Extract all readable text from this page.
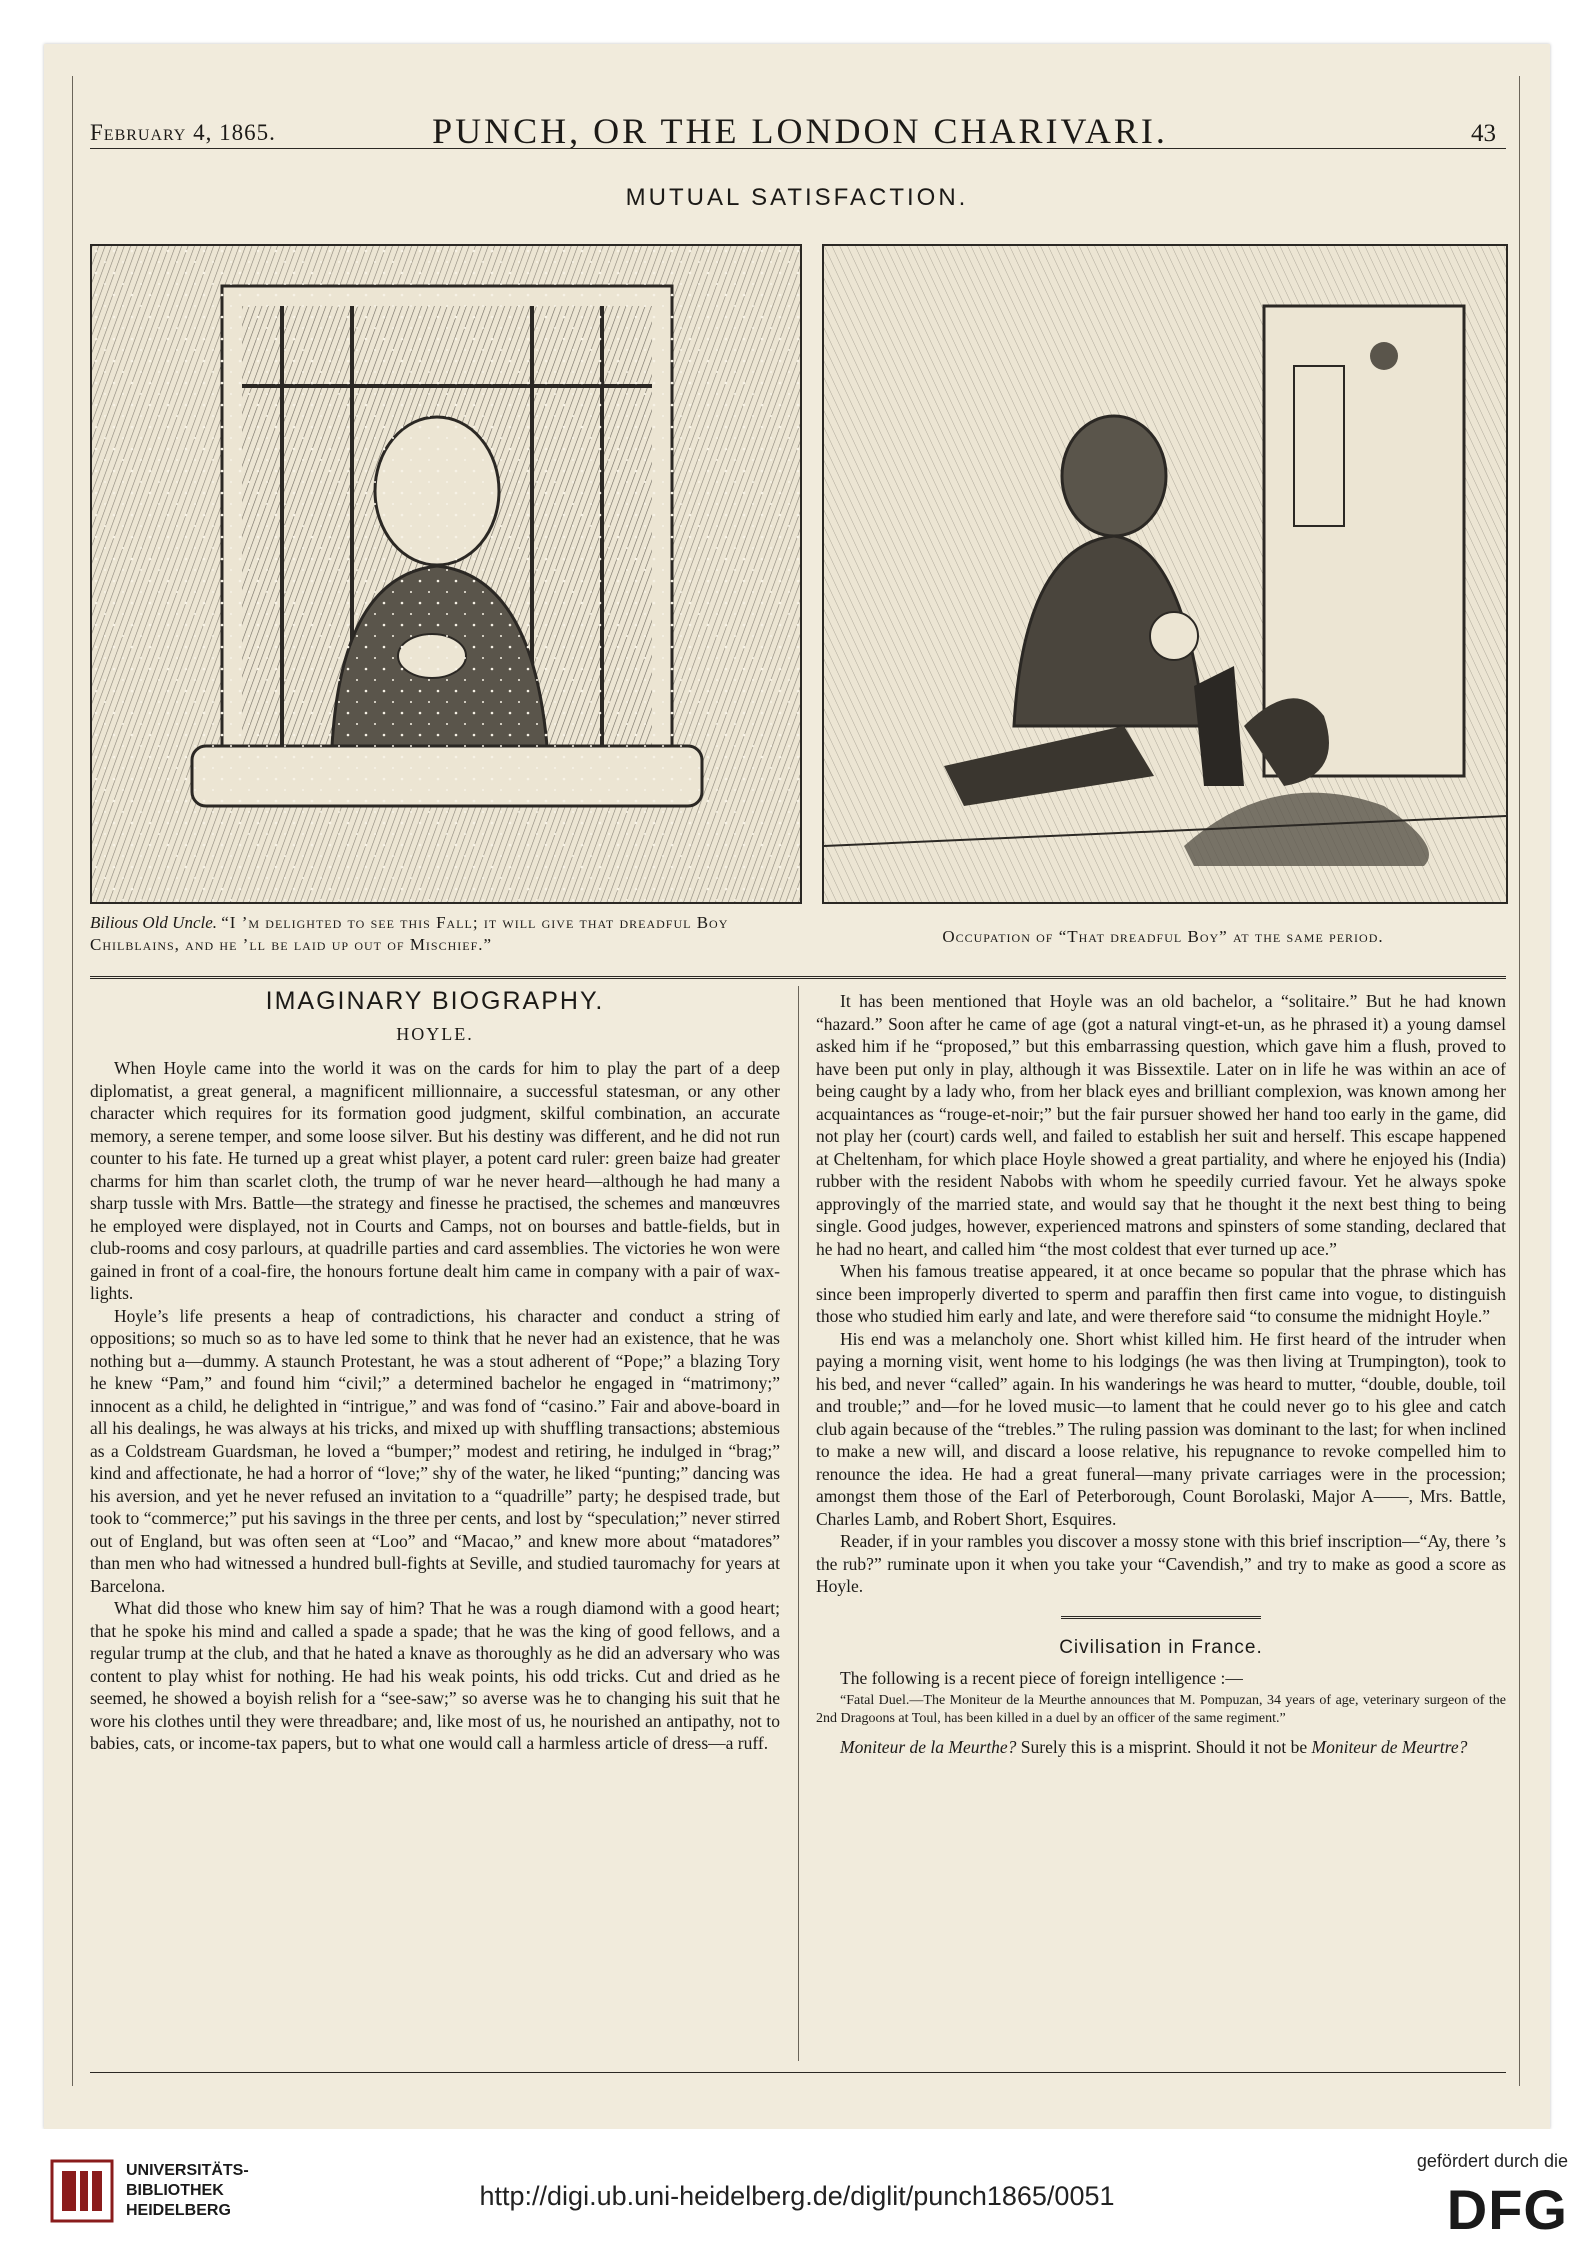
February 4, 1865.	PUNCH, OR THE LONDON CHARIVARI.	43
MUTUAL SATISFACTION.
Bilious Old Uncle. “I ’m delighted to see this Fall; it will give that dreadful Boy Chilblains, and he ’ll be laid up out of Mischief.”	Occupation of “That dreadful Boy” at the same period.
IMAGINARY BIOGRAPHY.
HOYLE.

When Hoyle came into the world it was on the cards for him to play the part of a deep diplomatist, a great general, a magnificent millionnaire, a successful statesman, or any other character which requires for its formation good judgment, skilful combination, an accurate memory, a serene temper, and some loose silver. But his destiny was different, and he did not run counter to his fate. He turned up a great whist player, a potent card ruler: green baize had greater charms for him than scarlet cloth, the trump of war he never heard—although he had many a sharp tussle with Mrs. Battle—the strategy and finesse he practised, the schemes and manœuvres he employed were displayed, not in Courts and Camps, not on bourses and battle-fields, but in club-rooms and cosy parlours, at quadrille parties and card assemblies. The victories he won were gained in front of a coal-fire, the honours fortune dealt him came in company with a pair of wax-lights.

Hoyle’s life presents a heap of contradictions, his character and conduct a string of oppositions; so much so as to have led some to think that he never had an existence, that he was nothing but a—dummy. A staunch Protestant, he was a stout adherent of “Pope;” a blazing Tory he knew “Pam,” and found him “civil;” a determined bachelor he engaged in “matrimony;” innocent as a child, he delighted in “intrigue,” and was fond of “casino.” Fair and above-board in all his dealings, he was always at his tricks, and mixed up with shuffling transactions; abstemious as a Coldstream Guardsman, he loved a “bumper;” modest and retiring, he indulged in “brag;” kind and affectionate, he had a horror of “love;” shy of the water, he liked “punting;” dancing was his aversion, and yet he never refused an invitation to a “quadrille” party; he despised trade, but took to “commerce;” put his savings in the three per cents, and lost by “speculation;” never stirred out of England, but was often seen at “Loo” and “Macao,” and knew more about “matadores” than men who had witnessed a hundred bull-fights at Seville, and studied tauromachy for years at Barcelona.

What did those who knew him say of him? That he was a rough diamond with a good heart; that he spoke his mind and called a spade a spade; that he was the king of good fellows, and a regular trump at the club, and that he hated a knave as thoroughly as he did an adversary who was content to play whist for nothing. He had his weak points, his odd tricks. Cut and dried as he seemed, he showed a boyish relish for a “see-saw;” so averse was he to changing his suit that he wore his clothes until they were threadbare; and, like most of us, he nourished an antipathy, not to babies, cats, or income-tax papers, but to what one would call a harmless article of dress—a ruff.

It has been mentioned that Hoyle was an old bachelor, a “solitaire.” But he had known “hazard.” Soon after he came of age (got a natural vingt-et-un, as he phrased it) a young damsel asked him if he “proposed,” but this embarrassing question, which gave him a flush, proved to have been put only in play, although it was Bissextile. Later on in life he was within an ace of being caught by a lady who, from her black eyes and brilliant complexion, was known among her acquaintances as “rouge-et-noir;” but the fair pursuer showed her hand too early in the game, did not play her (court) cards well, and failed to establish her suit and herself. This escape happened at Cheltenham, for which place Hoyle showed a great partiality, and where he enjoyed his (India) rubber with the resident Nabobs with whom he speedily curried favour. Yet he always spoke approvingly of the married state, and would say that he thought it the next best thing to being single. Good judges, however, experienced matrons and spinsters of some standing, declared that he had no heart, and called him “the most coldest that ever turned up ace.”

When his famous treatise appeared, it at once became so popular that the phrase which has since been improperly diverted to sperm and paraffin then first came into vogue, to distinguish those who studied him early and late, and were therefore said “to consume the midnight Hoyle.”

His end was a melancholy one. Short whist killed him. He first heard of the intruder when paying a morning visit, went home to his lodgings (he was then living at Trumpington), took to his bed, and never “called” again. In his wanderings he was heard to mutter, “double, double, toil and trouble;” and—for he loved music—to lament that he could never go to his glee and catch club again because of the “trebles.” The ruling passion was dominant to the last; for when inclined to make a new will, and discard a loose relative, his repugnance to revoke compelled him to renounce the idea. He had a great funeral—many private carriages were in the procession; amongst them those of the Earl of Peterborough, Count Borolaski, Major A——, Mrs. Battle, Charles Lamb, and Robert Short, Esquires.

Reader, if in your rambles you discover a mossy stone with this brief inscription—“Ay, there ’s the rub?” ruminate upon it when you take your “Cavendish,” and try to make as good a score as Hoyle.

Civilisation in France.

The following is a recent piece of foreign intelligence :—

“Fatal Duel.—The Moniteur de la Meurthe announces that M. Pompuzan, 34 years of age, veterinary surgeon of the 2nd Dragoons at Toul, has been killed in a duel by an officer of the same regiment.”

Moniteur de la Meurthe? Surely this is a misprint. Should it not be Moniteur de Meurtre?

UNIVERSITÄTS-
BIBLIOTHEK
HEIDELBERG	http://digi.ub.uni-heidelberg.de/diglit/punch1865/0051
gefördert durch die
DFG
